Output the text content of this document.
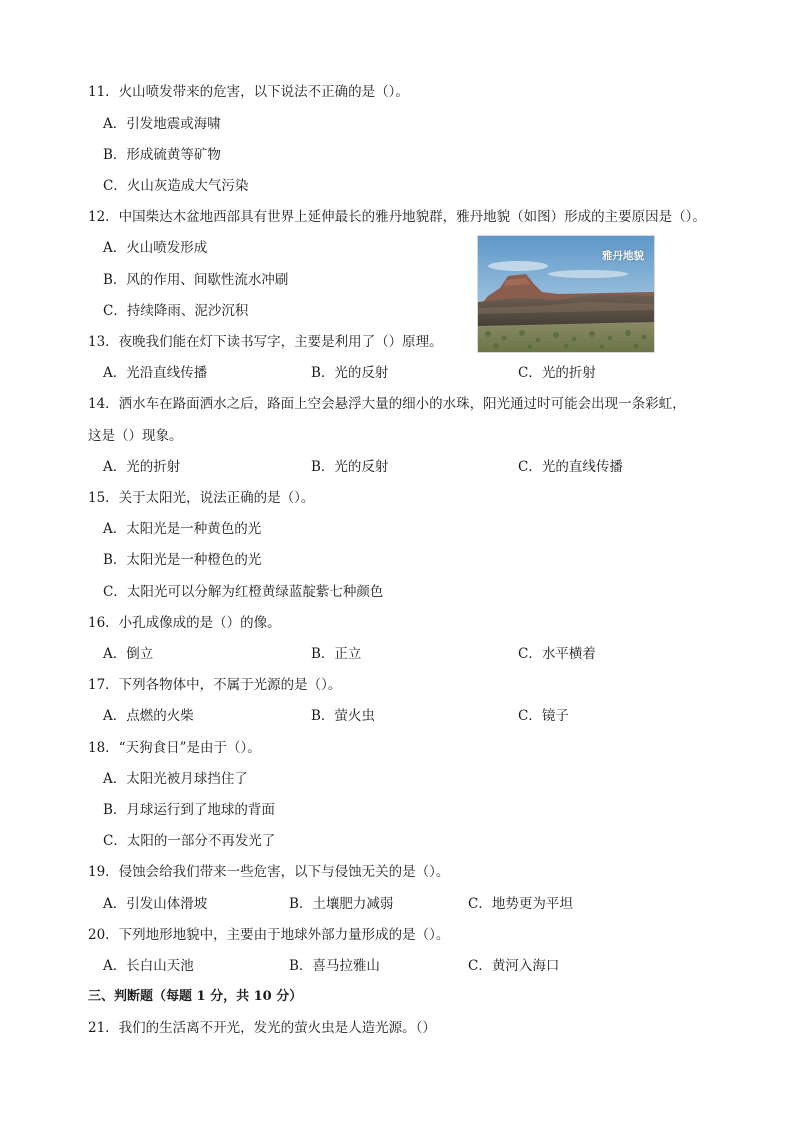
11．火山喷发带来的危害，以下说法不正确的是（）。
A．引发地震或海啸
B．形成硫黄等矿物
C．火山灰造成大气污染
12．中国柴达木盆地西部具有世界上延伸最长的雅丹地貌群，雅丹地貌（如图）形成的主要原因是（）。
A．火山喷发形成
B．风的作用、间歇性流水冲刷
C．持续降雨、泥沙沉积
雅丹地貌
13．夜晚我们能在灯下读书写字，主要是利用了（）原理。
A．光沿直线传播	B．光的反射	C．光的折射
14．洒水车在路面洒水之后，路面上空会悬浮大量的细小的水珠，阳光通过时可能会出现一条彩虹，
这是（）现象。
A．光的折射	B．光的反射	C．光的直线传播
15．关于太阳光，说法正确的是（）。
A．太阳光是一种黄色的光
B．太阳光是一种橙色的光
C．太阳光可以分解为红橙黄绿蓝靛紫七种颜色
16．小孔成像成的是（）的像。
A．倒立	B．正立	C．水平横着
17．下列各物体中，不属于光源的是（）。
A．点燃的火柴	B．萤火虫	C．镜子
18．“天狗食日”是由于（）。
A．太阳光被月球挡住了
B．月球运行到了地球的背面
C．太阳的一部分不再发光了
19．侵蚀会给我们带来一些危害，以下与侵蚀无关的是（）。
A．引发山体滑坡	B．土壤肥力减弱	C．地势更为平坦
20．下列地形地貌中，主要由于地球外部力量形成的是（）。
A．长白山天池	B．喜马拉雅山	C．黄河入海口
三、判断题（每题 1 分，共 10 分）
21．我们的生活离不开光，发光的萤火虫是人造光源。（）
